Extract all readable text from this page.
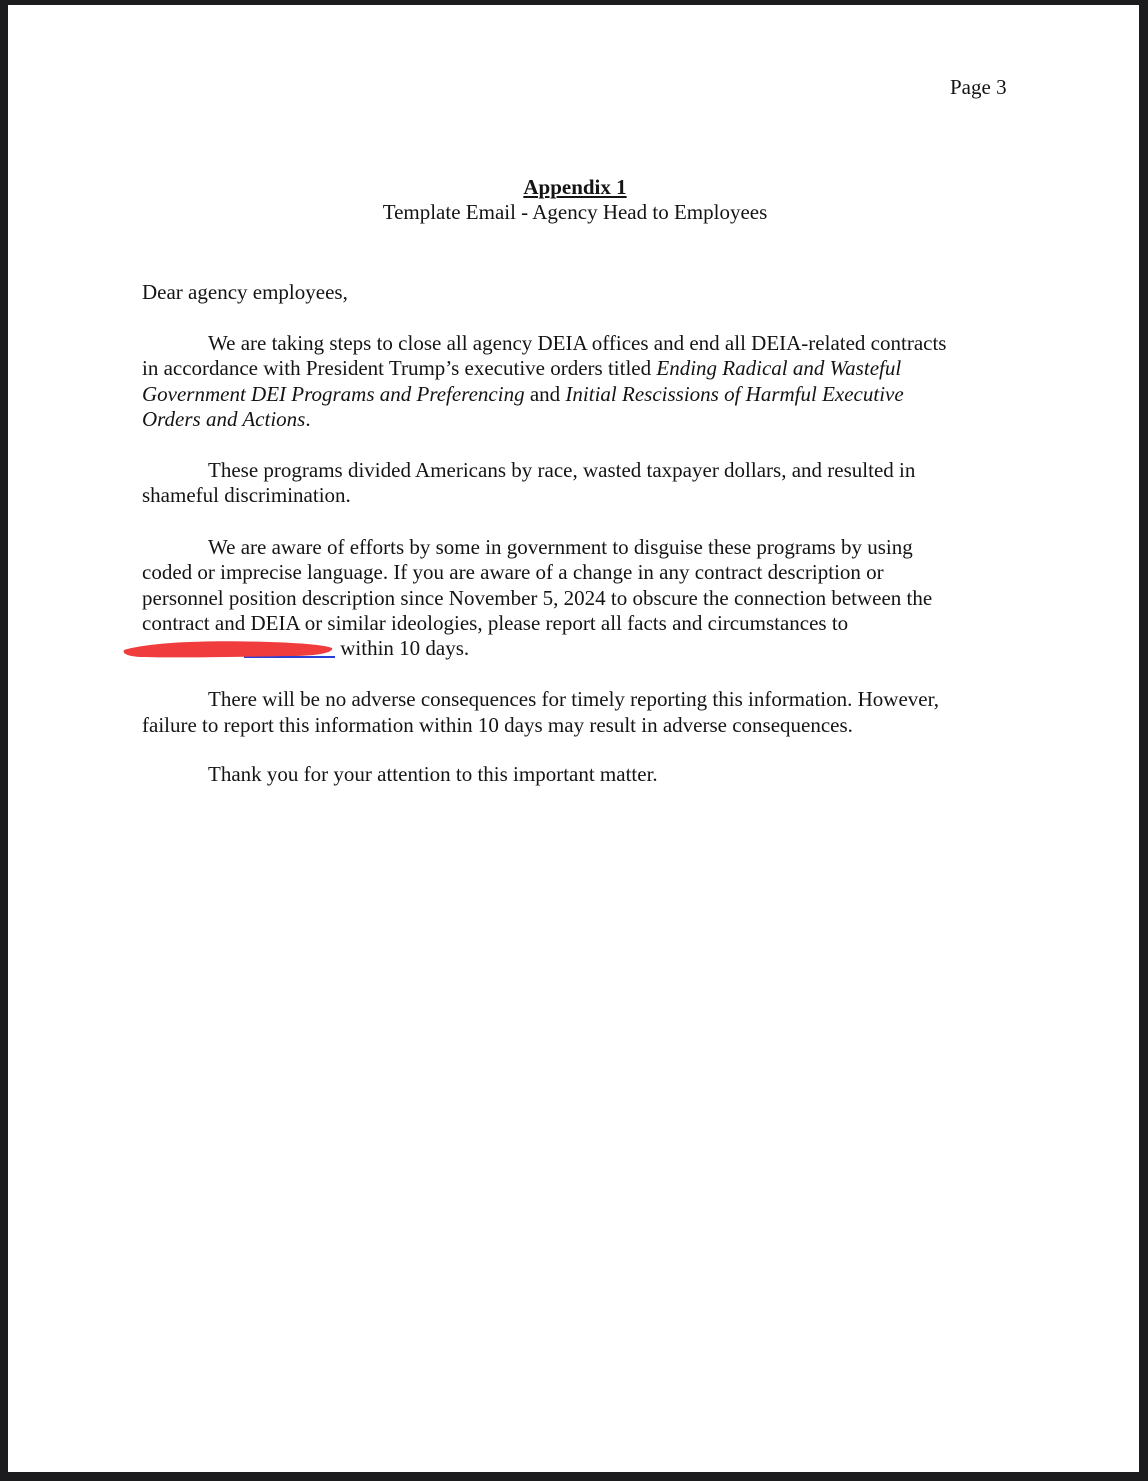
Page 3
Appendix 1
Template Email - Agency Head to Employees
Dear agency employees,
We are taking steps to close all agency DEIA offices and end all DEIA-related contracts
in accordance with President Trump’s executive orders titled Ending Radical and Wasteful
Government DEI Programs and Preferencing and Initial Rescissions of Harmful Executive
Orders and Actions.
These programs divided Americans by race, wasted taxpayer dollars, and resulted in
shameful discrimination.
We are aware of efforts by some in government to disguise these programs by using
coded or imprecise language. If you are aware of a change in any contract description or
personnel position description since November 5, 2024 to obscure the connection between the
contract and DEIA or similar ideologies, please report all facts and circumstances to
within 10 days.
There will be no adverse consequences for timely reporting this information. However,
failure to report this information within 10 days may result in adverse consequences.
Thank you for your attention to this important matter.
